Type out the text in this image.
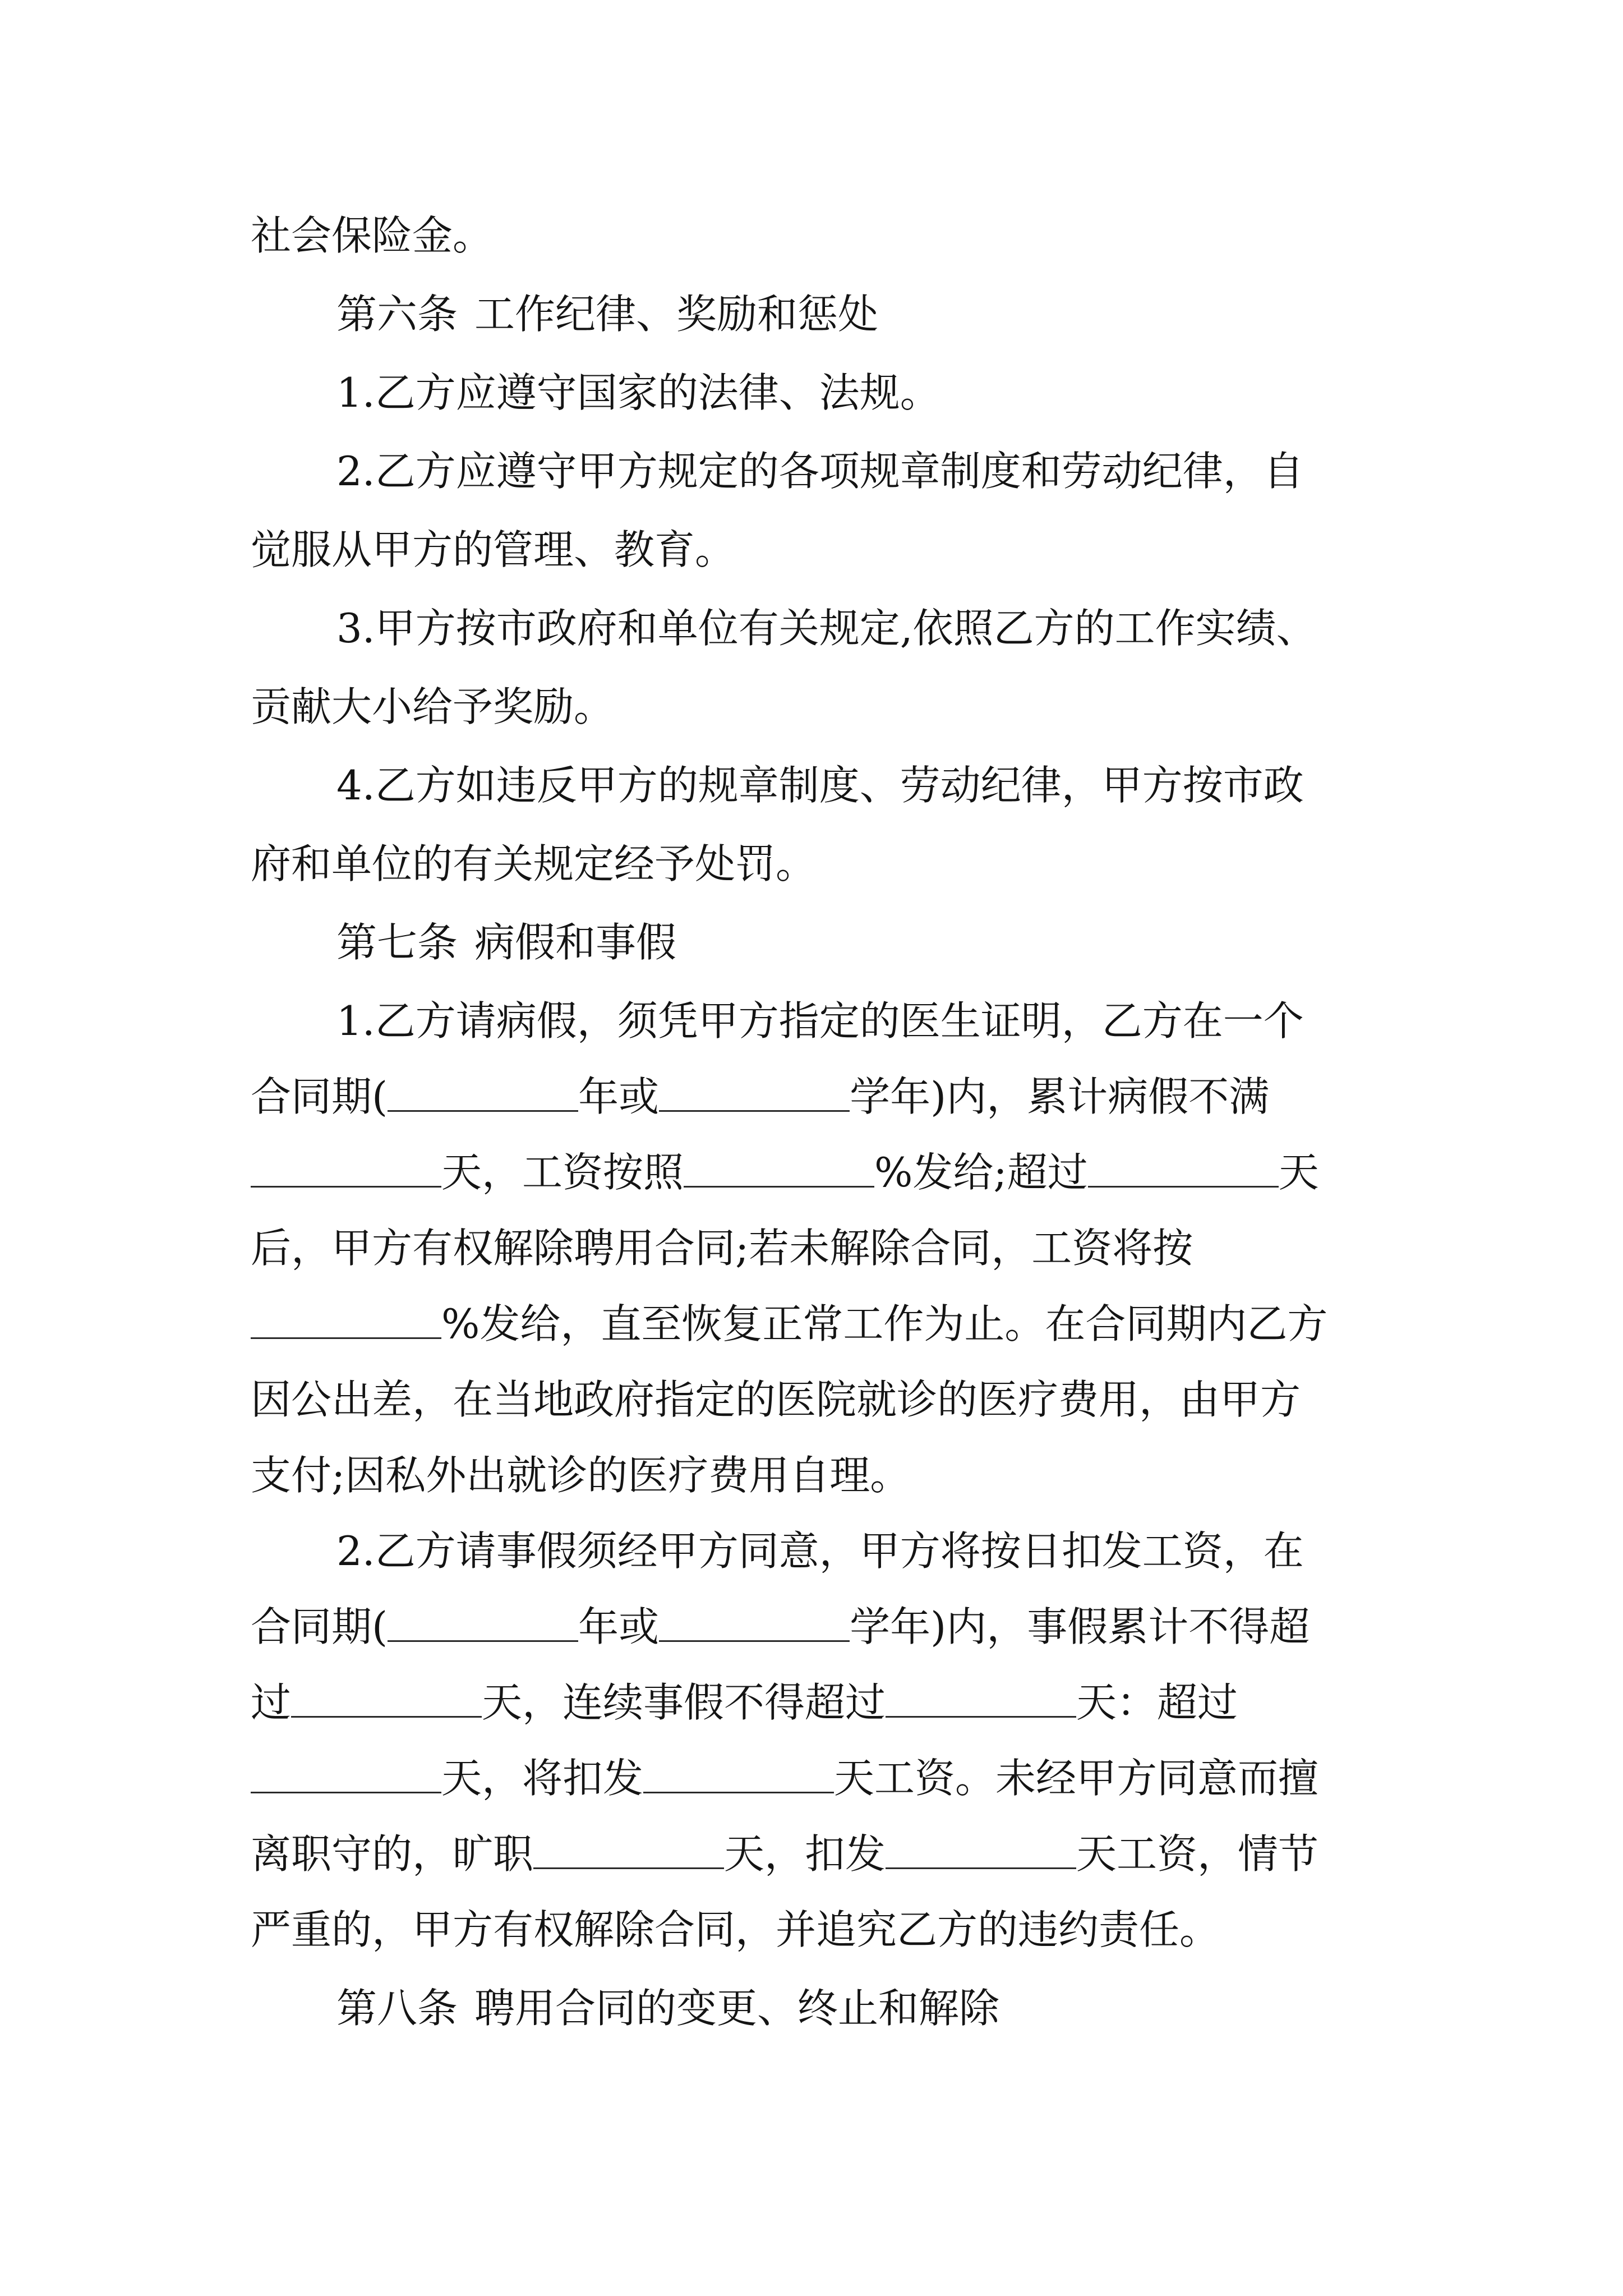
社会保险金。
第六条 工作纪律、奖励和惩处
1.乙方应遵守国家的法律、法规。
2.乙方应遵守甲方规定的各项规章制度和劳动纪律，自
觉服从甲方的管理、教育。
3.甲方按市政府和单位有关规定,依照乙方的工作实绩、
贡献大小给予奖励。
4.乙方如违反甲方的规章制度、劳动纪律，甲方按市政
府和单位的有关规定经予处罚。
第七条 病假和事假
1.乙方请病假，须凭甲方指定的医生证明，乙方在一个
合同期(	年或	学年)内，累计病假不满
天，工资按照	%发给;超过	天
后，甲方有权解除聘用合同;若未解除合同，工资将按
%发给，直至恢复正常工作为止。在合同期内乙方
因公出差，在当地政府指定的医院就诊的医疗费用，由甲方
支付;因私外出就诊的医疗费用自理。
2.乙方请事假须经甲方同意，甲方将按日扣发工资，在
合同期(	年或	学年)内，事假累计不得超
过	天，连续事假不得超过	天：超过
天，将扣发	天工资。未经甲方同意而擅
离职守的，旷职	天，扣发	天工资，情节
严重的，甲方有权解除合同，并追究乙方的违约责任。
第八条 聘用合同的变更、终止和解除
